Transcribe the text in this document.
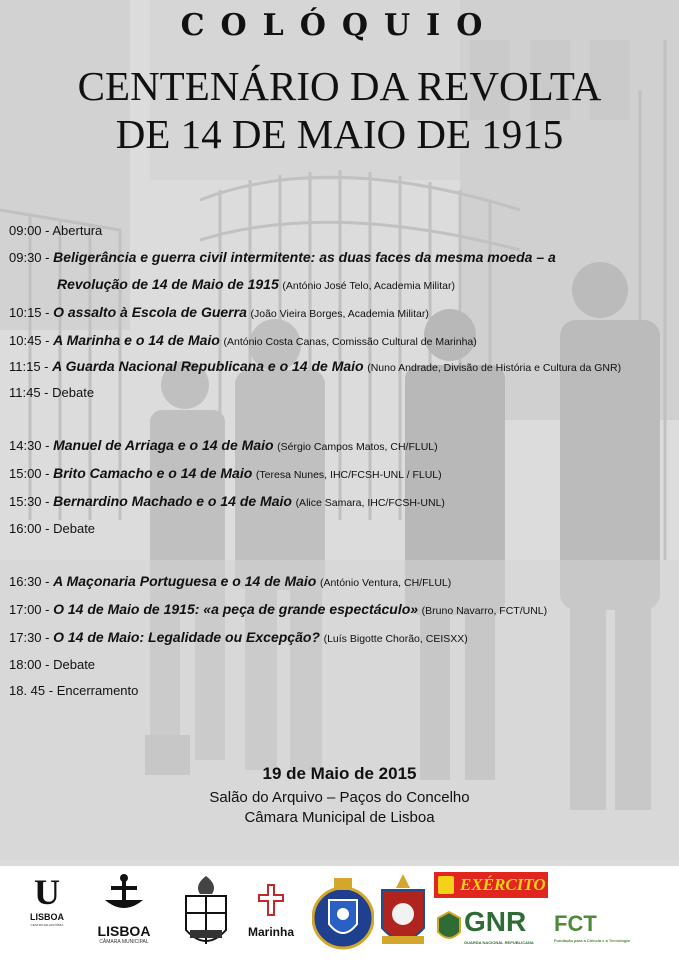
COLÓQUIO
CENTENÁRIO DA REVOLTA
DE 14 DE MAIO DE 1915
09:00 - Abertura
09:30 - Beligerância e guerra civil intermitente: as duas faces da mesma moeda – a
Revolução de 14 de Maio de 1915 (António José Telo, Academia Militar)
10:15 - O assalto à Escola de Guerra (João Vieira Borges, Academia Militar)
10:45 - A Marinha e o 14 de Maio (António Costa Canas, Comissão Cultural de Marinha)
11:15 - A Guarda Nacional Republicana e o 14 de Maio (Nuno Andrade, Divisão de História e Cultura da GNR)
11:45 - Debate
14:30 - Manuel de Arriaga e o 14 de Maio (Sérgio Campos Matos, CH/FLUL)
15:00 - Brito Camacho e o 14 de Maio (Teresa Nunes, IHC/FCSH-UNL / FLUL)
15:30 - Bernardino Machado e o 14 de Maio (Alice Samara, IHC/FCSH-UNL)
16:00 - Debate
16:30 - A Maçonaria Portuguesa e o 14 de Maio (António Ventura, CH/FLUL)
17:00 - O 14 de Maio de 1915: «a peça de grande espectáculo» (Bruno Navarro, FCT/UNL)
17:30 - O 14 de Maio: Legalidade ou Excepção? (Luís Bigotte Chorão, CEISXX)
18:00 - Debate
18. 45 - Encerramento
19 de Maio de 2015
Salão do Arquivo – Paços do Concelho
Câmara Municipal de Lisboa
U
LISBOA
CENTRO DE HISTÓRIA	LISBOA
CÂMARA MUNICIPAL
Marinha
EXÉRCITO
GNR
GUARDA NACIONAL REPUBLICANA
FCT
Fundação para a Ciência e a Tecnologia
